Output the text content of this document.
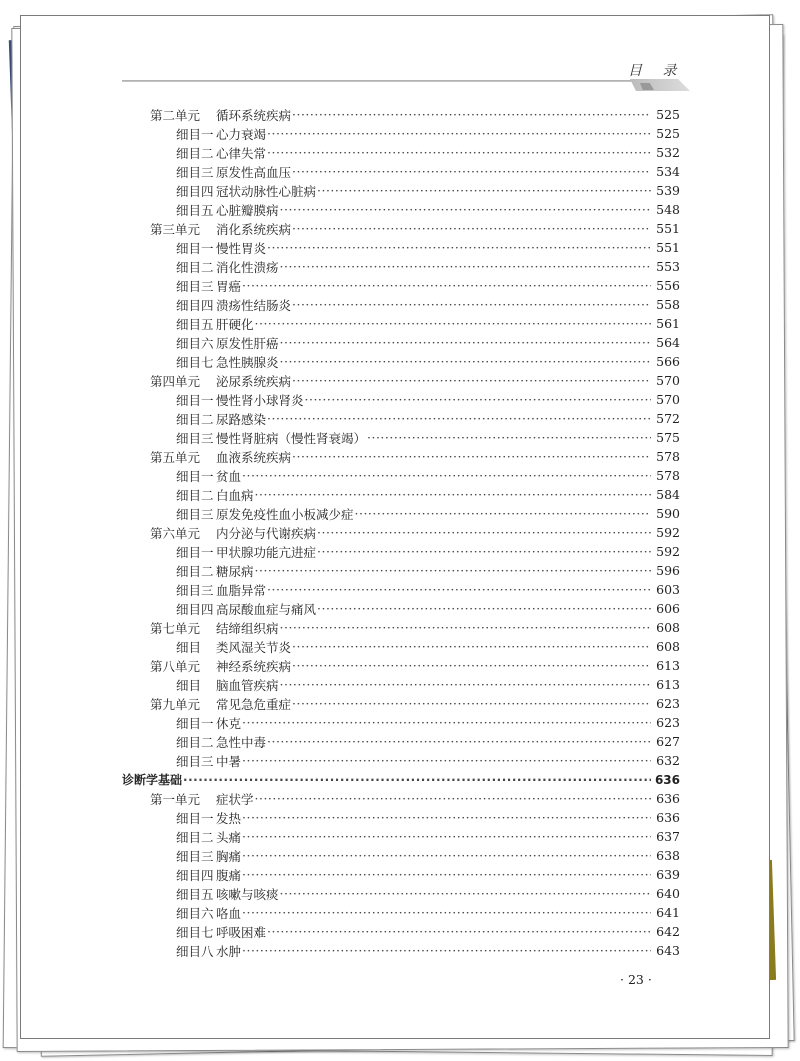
目 录
第二单元	循环系统疾病 ·····	525
细目一 心力衰竭 ·····	525
细目二 心律失常 ·····	532
细目三 原发性高血压 ·····	534
细目四 冠状动脉性心脏病 ·····	539
细目五 心脏瓣膜病 ·····	548
第三单元	消化系统疾病 ·····	551
细目一 慢性胃炎 ·····	551
细目二 消化性溃疡 ·····	553
细目三 胃癌 ·····	556
细目四 溃疡性结肠炎 ·····	558
细目五 肝硬化 ·····	561
细目六 原发性肝癌 ·····	564
细目七 急性胰腺炎 ·····	566
第四单元	泌尿系统疾病 ·····	570
细目一 慢性肾小球肾炎 ·····	570
细目二 尿路感染 ·····	572
细目三 慢性肾脏病（慢性肾衰竭） ·····	575
第五单元	血液系统疾病 ·····	578
细目一 贫血 ·····	578
细目二 白血病 ·····	584
细目三 原发免疫性血小板减少症 ·····	590
第六单元	内分泌与代谢疾病 ·····	592
细目一 甲状腺功能亢进症 ·····	592
细目二 糖尿病 ·····	596
细目三 血脂异常 ·····	603
细目四 高尿酸血症与痛风 ·····	606
第七单元	结缔组织病 ·····	608
细目	类风湿关节炎 ·····	608
第八单元	神经系统疾病 ·····	613
细目	脑血管疾病 ·····	613
第九单元	常见急危重症 ·····	623
细目一 休克 ·····	623
细目二 急性中毒 ·····	627
细目三 中暑 ·····	632
诊断学基础 ·····	636
第一单元	症状学 ·····	636
细目一 发热 ·····	636
细目二 头痛 ·····	637
细目三 胸痛 ·····	638
细目四 腹痛 ·····	639
细目五 咳嗽与咳痰 ·····	640
细目六 咯血 ·····	641
细目七 呼吸困难 ·····	642
细目八 水肿 ·····	643
· 23 ·
